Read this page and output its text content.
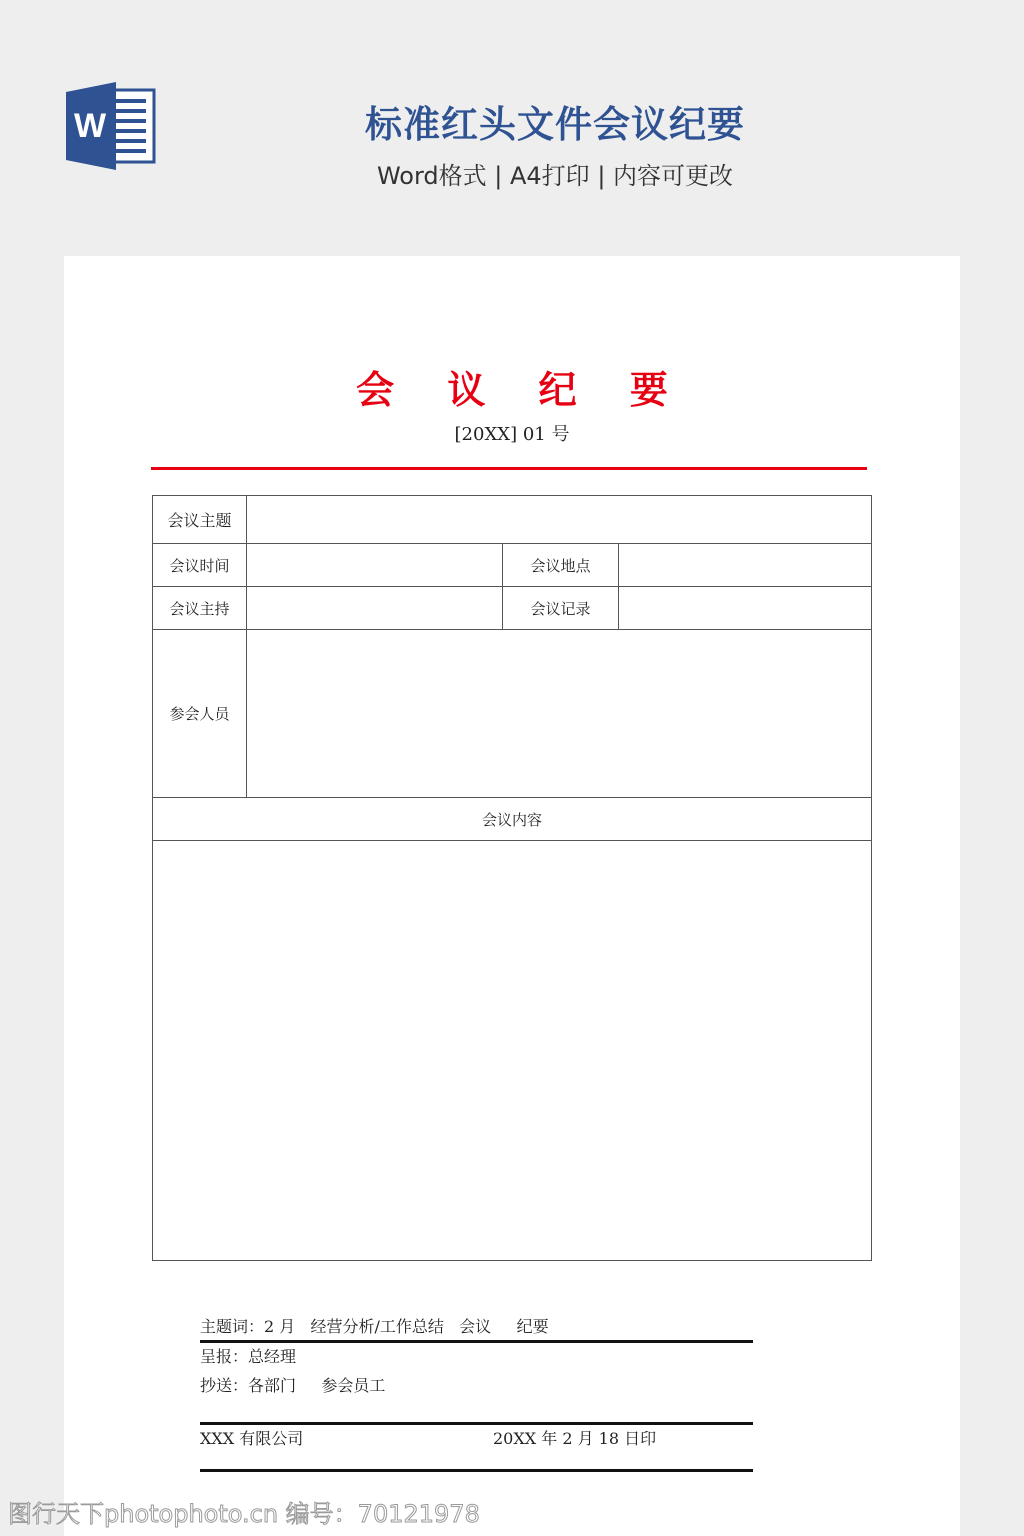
W	标准红头文件会议纪要

Word格式 | A4打印 | 内容可更改

会 议 纪 要
[20XX] 01 号
会议主题			
会议时间		会议地点	
会议主持		会议记录	
参会人员			
会议内容			

主题词：2 月   经营分析/工作总结   会议     纪要
呈报：总经理
抄送：各部门     参会员工
XXX 有限公司	20XX 年 2 月 18 日印
图行天下photophoto.cn 编号：70121978
